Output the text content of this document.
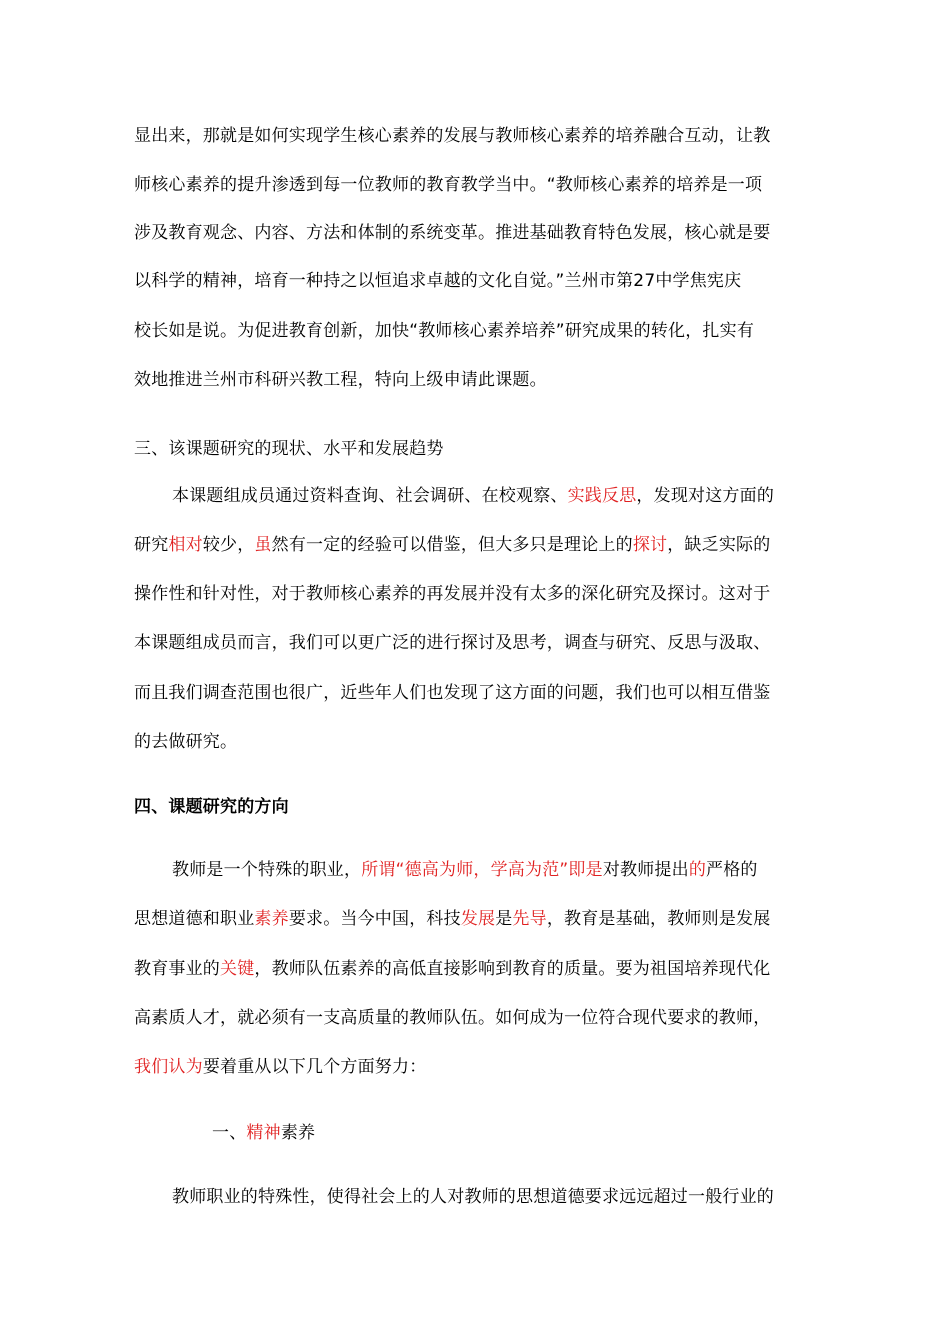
显出来，那就是如何实现学生核心素养的发展与教师核心素养的培养融合互动，让教
师核心素养的提升渗透到每一位教师的教育教学当中。“教师核心素养的培养是一项
涉及教育观念、内容、方法和体制的系统变革。推进基础教育特色发展，核心就是要
以科学的精神，培育一种持之以恒追求卓越的文化自觉。”兰州市第27中学焦宪庆
校长如是说。为促进教育创新，加快“教师核心素养培养”研究成果的转化，扎实有
效地推进兰州市科研兴教工程，特向上级申请此课题。
三、该课题研究的现状、水平和发展趋势
本课题组成员通过资料查询、社会调研、在校观察、实践反思，发现对这方面的
研究相对较少，虽然有一定的经验可以借鉴，但大多只是理论上的探讨，缺乏实际的
操作性和针对性，对于教师核心素养的再发展并没有太多的深化研究及探讨。这对于
本课题组成员而言，我们可以更广泛的进行探讨及思考，调查与研究、反思与汲取、
而且我们调查范围也很广，近些年人们也发现了这方面的问题，我们也可以相互借鉴
的去做研究。
四、课题研究的方向
教师是一个特殊的职业，所谓“德高为师，学高为范”即是对教师提出的严格的
思想道德和职业素养要求。当今中国，科技发展是先导，教育是基础，教师则是发展
教育事业的关键，教师队伍素养的高低直接影响到教育的质量。要为祖国培养现代化
高素质人才，就必须有一支高质量的教师队伍。如何成为一位符合现代要求的教师，
我们认为要着重从以下几个方面努力：
一、精神素养
教师职业的特殊性，使得社会上的人对教师的思想道德要求远远超过一般行业的
